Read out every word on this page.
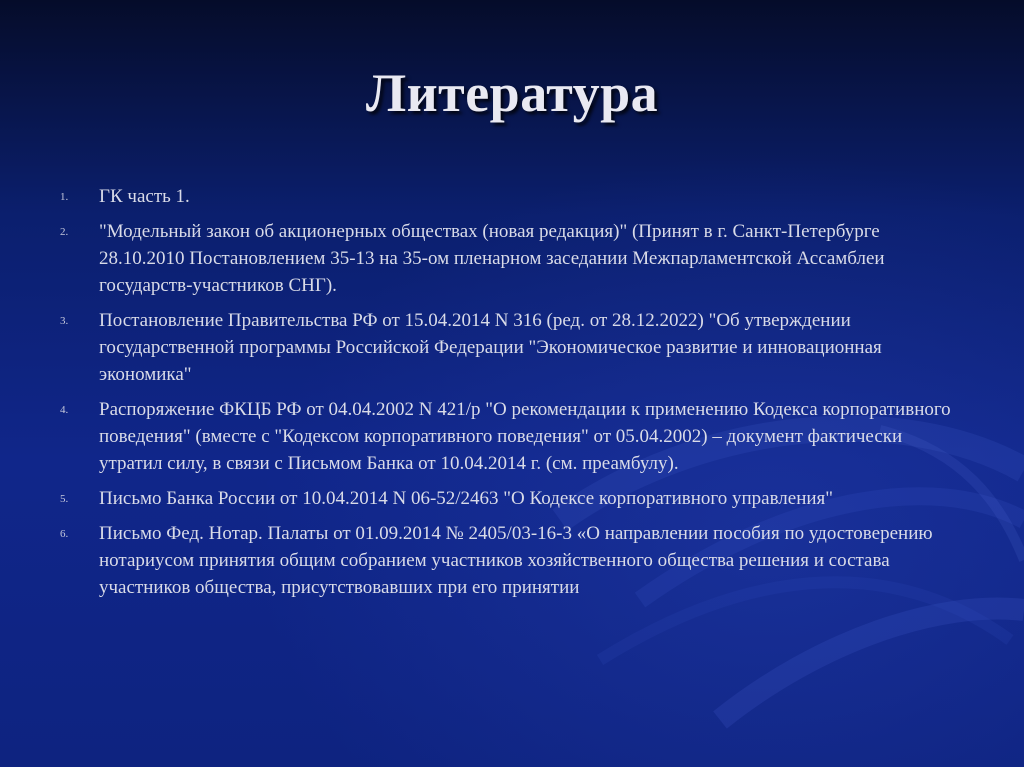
Литература
1. ГК часть 1.
2. "Модельный закон об акционерных обществах (новая редакция)" (Принят в г. Санкт-Петербурге 28.10.2010 Постановлением 35-13 на 35-ом пленарном заседании Межпарламентской Ассамблеи государств-участников СНГ).
3. Постановление Правительства РФ от 15.04.2014 N 316 (ред. от 28.12.2022) "Об утверждении государственной программы Российской Федерации "Экономическое развитие и инновационная экономика"
4. Распоряжение ФКЦБ РФ от 04.04.2002 N 421/р "О рекомендации к применению Кодекса корпоративного поведения" (вместе с "Кодексом корпоративного поведения" от 05.04.2002) – документ фактически утратил силу, в связи с Письмом Банка от 10.04.2014 г. (см. преамбулу).
5. Письмо Банка России от 10.04.2014 N 06-52/2463 "О Кодексе корпоративного управления"
6. Письмо Фед. Нотар. Палаты от 01.09.2014 № 2405/03-16-3 «О направлении пособия по удостоверению нотариусом принятия общим собранием участников хозяйственного общества решения и состава участников общества, присутствовавших при его принятии
